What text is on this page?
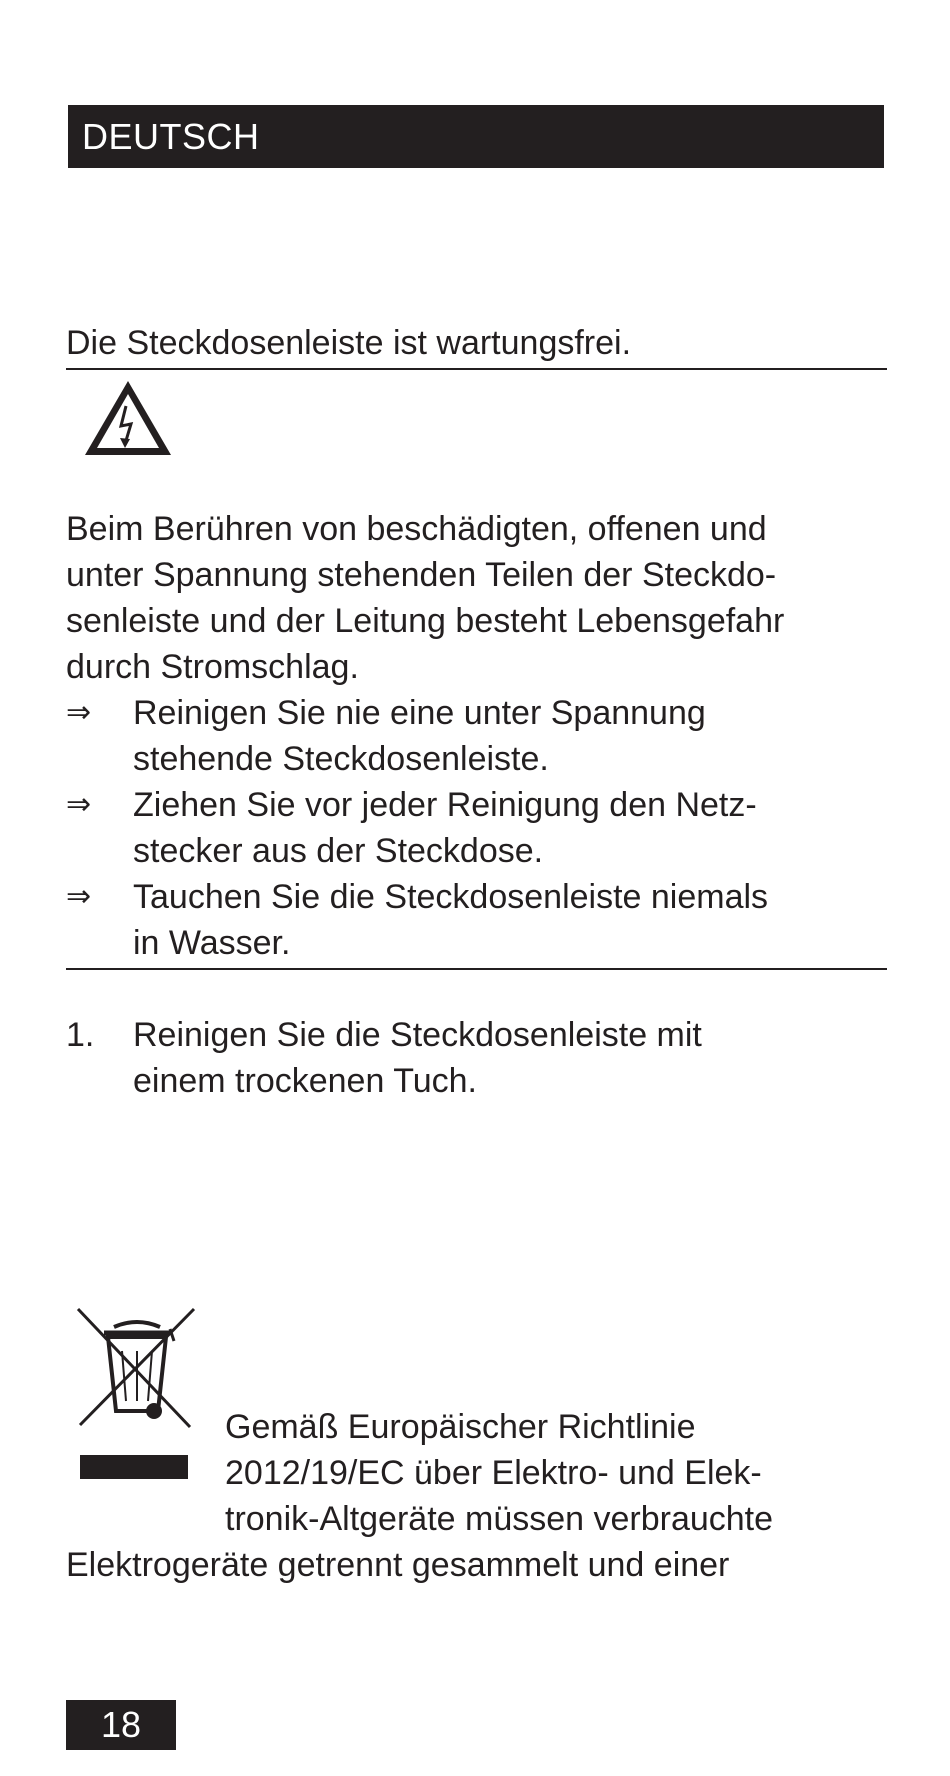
DEUTSCH
Die Steckdosenleiste ist wartungsfrei.
Beim Berühren von beschädigten, offenen und
unter Spannung stehenden Teilen der Steckdo-
senleiste und der Leitung besteht Lebensgefahr
durch Stromschlag.
⇒ Reinigen Sie nie eine unter Spannung
stehende Steckdosenleiste.
⇒ Ziehen Sie vor jeder Reinigung den Netz-
stecker aus der Steckdose.
⇒ Tauchen Sie die Steckdosenleiste niemals
in Wasser.
1. Reinigen Sie die Steckdosenleiste mit
einem trockenen Tuch.
Gemäß Europäischer Richtlinie
2012/19/EC über Elektro- und Elek-
tronik-Altgeräte müssen verbrauchte
Elektrogeräte getrennt gesammelt und einer
18
